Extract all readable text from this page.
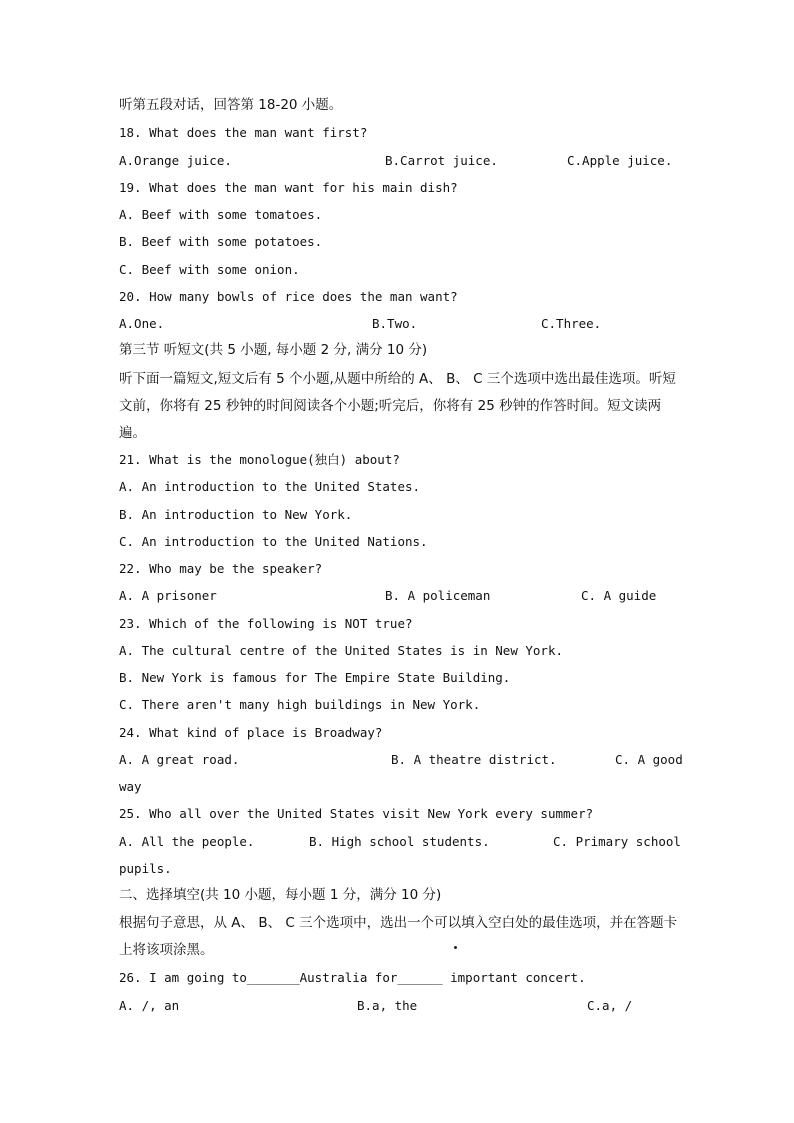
听第五段对话，回答第 18-20 小题。
18. What does the man want first?
A.Orange juice.	B.Carrot juice.	C.Apple juice.
19. What does the man want for his main dish?
A. Beef with some tomatoes.
B. Beef with some potatoes.
C. Beef with some onion.
20. How many bowls of rice does the man want?
A.One.	B.Two.	C.Three.
第三节 听短文(共 5 小题, 每小题 2 分, 满分 10 分)
听下面一篇短文,短文后有 5 个小题,从题中所给的 A、 B、 C 三个选项中选出最佳选项。听短文前，你将有 25 秒钟的时间阅读各个小题;听完后，你将有 25 秒钟的作答时间。短文读两遍。
21. What is the monologue(独白) about?
A. An introduction to the United States.
B. An introduction to New York.
C. An introduction to the United Nations.
22. Who may be the speaker?
A. A prisoner	B. A policeman	C. A guide
23. Which of the following is NOT true?
A. The cultural centre of the United States is in New York.
B. New York is famous for The Empire State Building.
C. There aren't many high buildings in New York.
24. What kind of place is Broadway?
A. A great road.	B. A theatre district.	C. A good
way
25. Who all over the United States visit New York every summer?
A. All the people.	B. High school students.	C. Primary school
pupils.
二、选择填空(共 10 小题，每小题 1 分，满分 10 分)
根据句子意思，从 A、 B、 C 三个选项中，选出一个可以填入空白处的最佳选项，并在答题卡上将该项涂黑。
26. I am going to_______Australia for______ important concert.
A. /, an	B.a, the	C.a, /
